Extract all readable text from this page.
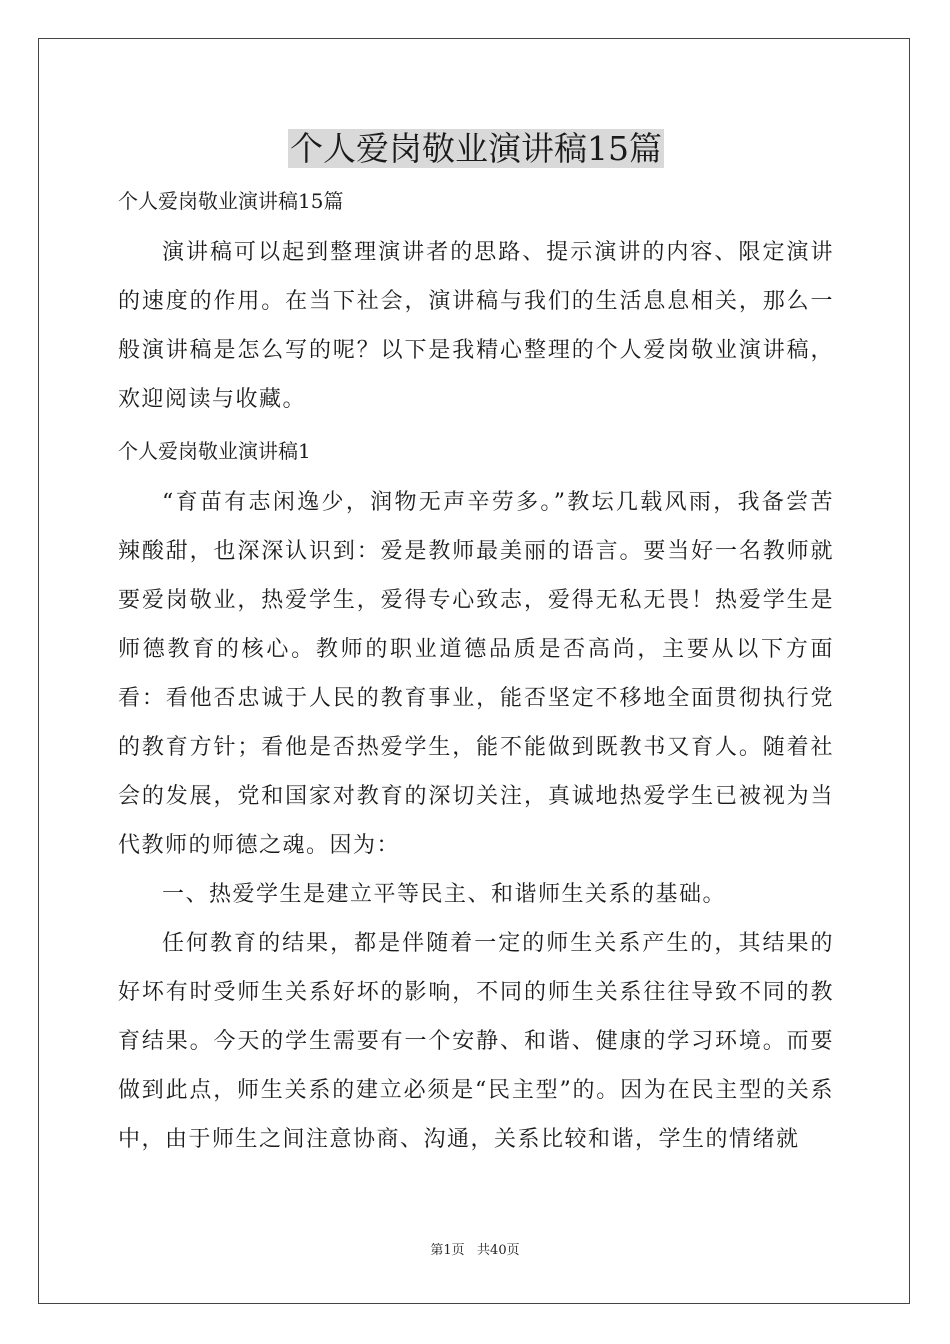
个人爱岗敬业演讲稿15篇

个人爱岗敬业演讲稿15篇

演讲稿可以起到整理演讲者的思路、提示演讲的内容、限定演讲的速度的作用。在当下社会，演讲稿与我们的生活息息相关，那么一般演讲稿是怎么写的呢？以下是我精心整理的个人爱岗敬业演讲稿，欢迎阅读与收藏。

个人爱岗敬业演讲稿1

“育苗有志闲逸少，润物无声辛劳多。”教坛几载风雨，我备尝苦辣酸甜，也深深认识到：爱是教师最美丽的语言。要当好一名教师就要爱岗敬业，热爱学生，爱得专心致志，爱得无私无畏！热爱学生是师德教育的核心。教师的职业道德品质是否高尚，主要从以下方面看：看他否忠诚于人民的教育事业，能否坚定不移地全面贯彻执行党的教育方针；看他是否热爱学生，能不能做到既教书又育人。随着社会的发展，党和国家对教育的深切关注，真诚地热爱学生已被视为当代教师的师德之魂。因为：

一、热爱学生是建立平等民主、和谐师生关系的基础。

任何教育的结果，都是伴随着一定的师生关系产生的，其结果的好坏有时受师生关系好坏的影响，不同的师生关系往往导致不同的教育结果。今天的学生需要有一个安静、和谐、健康的学习环境。而要做到此点，师生关系的建立必须是“民主型”的。因为在民主型的关系中，由于师生之间注意协商、沟通，关系比较和谐，学生的情绪就

第1页   共40页
